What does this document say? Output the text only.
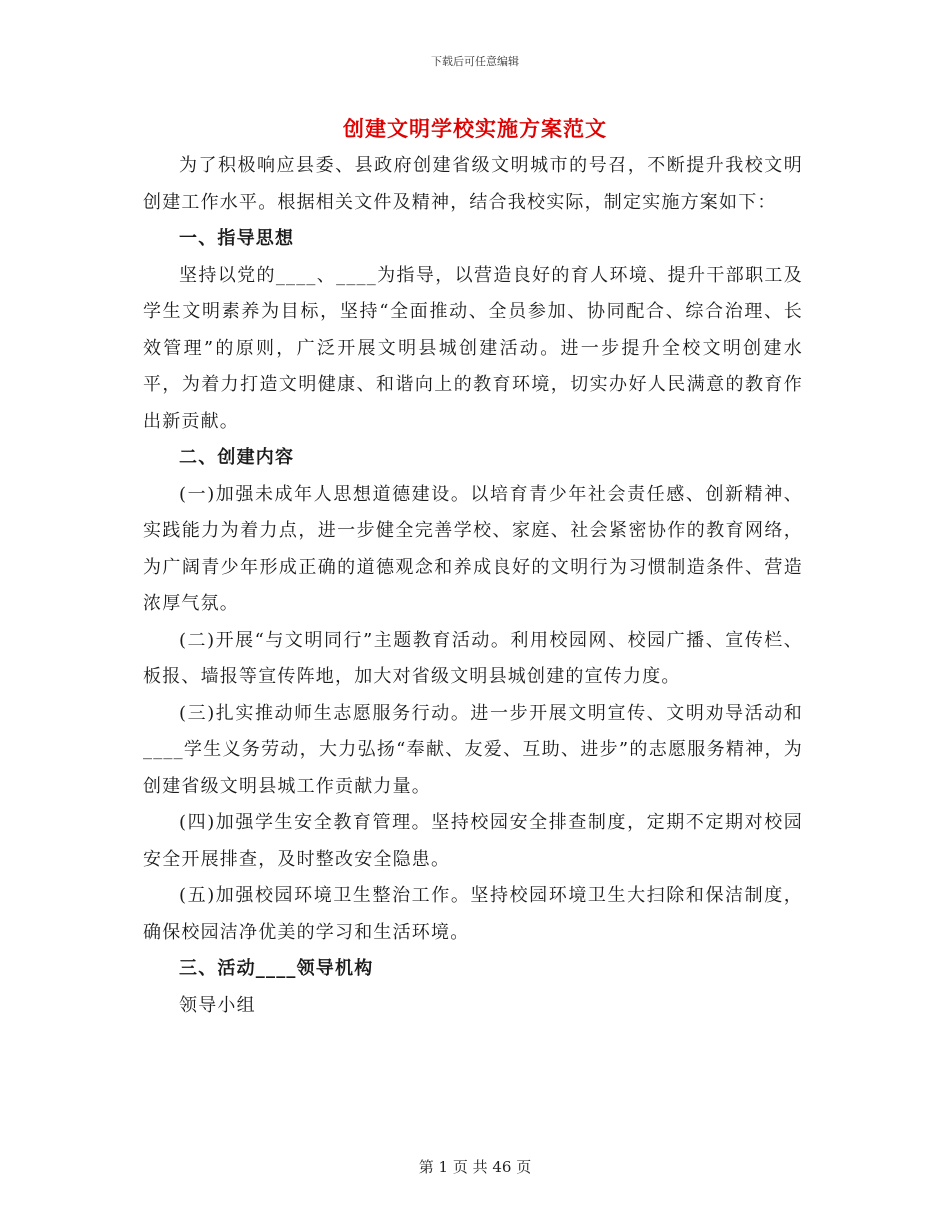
下载后可任意编辑
创建文明学校实施方案范文

为了积极响应县委、县政府创建省级文明城市的号召，不断提升我校文明创建工作水平。根据相关文件及精神，结合我校实际，制定实施方案如下：

一、指导思想

坚持以党的____、____为指导，以营造良好的育人环境、提升干部职工及学生文明素养为目标，坚持“全面推动、全员参加、协同配合、综合治理、长效管理”的原则，广泛开展文明县城创建活动。进一步提升全校文明创建水平，为着力打造文明健康、和谐向上的教育环境，切实办好人民满意的教育作出新贡献。

二、创建内容

(一)加强未成年人思想道德建设。以培育青少年社会责任感、创新精神、实践能力为着力点，进一步健全完善学校、家庭、社会紧密协作的教育网络，为广阔青少年形成正确的道德观念和养成良好的文明行为习惯制造条件、营造浓厚气氛。

(二)开展“与文明同行”主题教育活动。利用校园网、校园广播、宣传栏、板报、墙报等宣传阵地，加大对省级文明县城创建的宣传力度。

(三)扎实推动师生志愿服务行动。进一步开展文明宣传、文明劝导活动和____学生义务劳动，大力弘扬“奉献、友爱、互助、进步”的志愿服务精神，为创建省级文明县城工作贡献力量。

(四)加强学生安全教育管理。坚持校园安全排查制度，定期不定期对校园安全开展排查，及时整改安全隐患。

(五)加强校园环境卫生整治工作。坚持校园环境卫生大扫除和保洁制度，确保校园洁净优美的学习和生活环境。

三、活动____领导机构

领导小组

第 1 页 共 46 页
